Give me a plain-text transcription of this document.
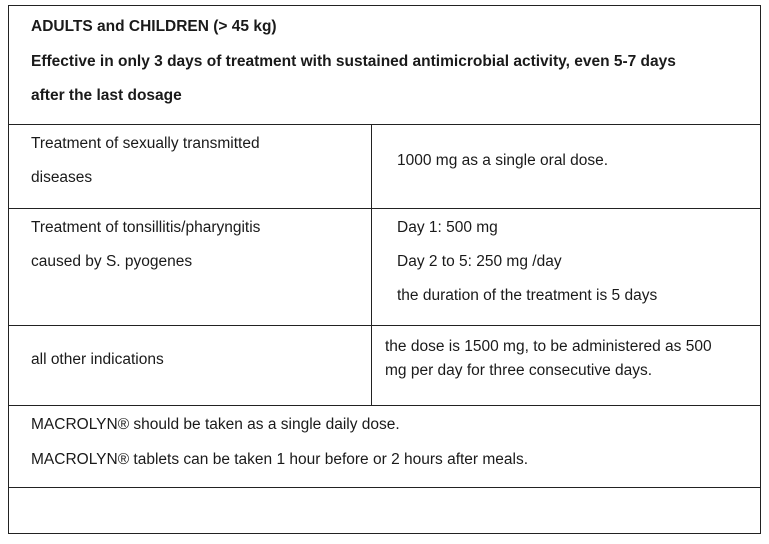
ADULTS and CHILDREN (> 45 kg)
Effective in only 3 days of treatment with sustained antimicrobial activity, even 5-7 days
after the last dosage
Treatment of sexually transmitted
diseases
1000 mg as a single oral dose.
Treatment of tonsillitis/pharyngitis
caused by S. pyogenes
Day 1: 500 mg
Day 2 to 5: 250 mg /day
the duration of the treatment is 5 days
all other indications
the dose is 1500 mg, to be administered as 500
mg per day for three consecutive days.
MACROLYN® should be taken as a single daily dose.
MACROLYN® tablets can be taken 1 hour before or 2 hours after meals.
